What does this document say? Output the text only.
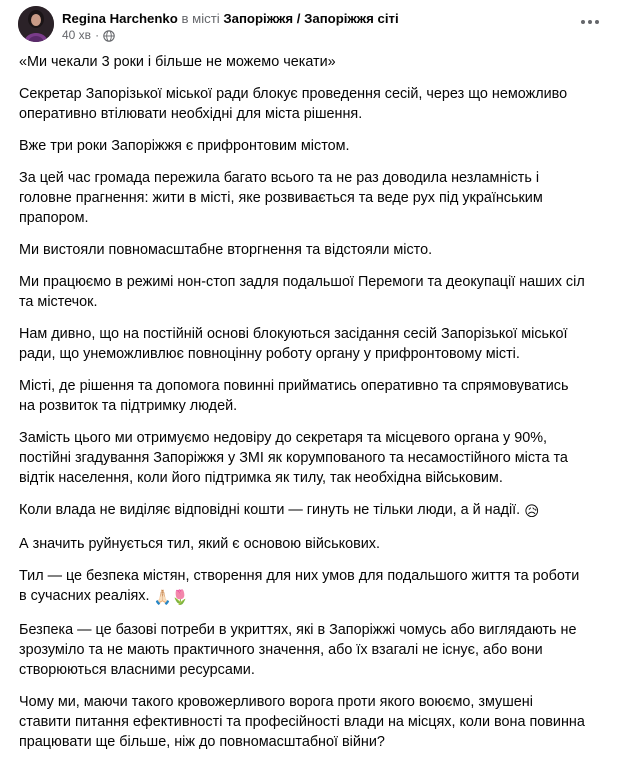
Regina Harchenko в місті Запоріжжя / Запоріжжя сіті
40 хв ·

«Ми чекали 3 роки і більше не можемо чекати»

Секретар Запорізької міської ради блокує проведення сесій, через що неможливо оперативно втілювати необхідні для міста рішення.

Вже три роки Запоріжжя є прифронтовим містом.

За цей час громада пережила багато всього та не раз доводила незламність і головне прагнення: жити в місті, яке розвивається та веде рух під українським прапором.

Ми вистояли повномасштабне вторгнення та відстояли місто.

Ми працюємо в режимі нон-стоп задля подальшої Перемоги та деокупації наших сіл та містечок.

Нам дивно, що на постійній основі блокуються засідання сесій Запорізької міської ради, що унеможливлює повноцінну роботу органу у прифронтовому місті.

Місті, де рішення та допомога повинні прийматись оперативно та спрямовуватись на розвиток та підтримку людей.

Замість цього ми отримуємо недовіру до секретаря та місцевого органа у 90%, постійні згадування Запоріжжя у ЗМІ як корумпованого та несамостійного міста та відтік населення, коли його підтримка як тилу, так необхідна військовим.

Коли влада не виділяє відповідні кошти — гинуть не тільки люди, а й надії. 😥

А значить руйнується тил, який є основою військових.

Тил — це безпека містян, створення для них умов для подальшого життя та роботи в сучасних реаліях. 🙏🏻🌷

Безпека — це базові потреби в укриттях, які в Запоріжжі чомусь або виглядають не зрозуміло та не мають практичного значення, або їх взагалі не існує, або вони створюються власними ресурсами.

Чому ми, маючи такого кровожерливого ворога проти якого воюємо, змушені ставити питання ефективності та професійності влади на місцях, коли вона повинна працювати ще більше, ніж до повномасштабної війни?
